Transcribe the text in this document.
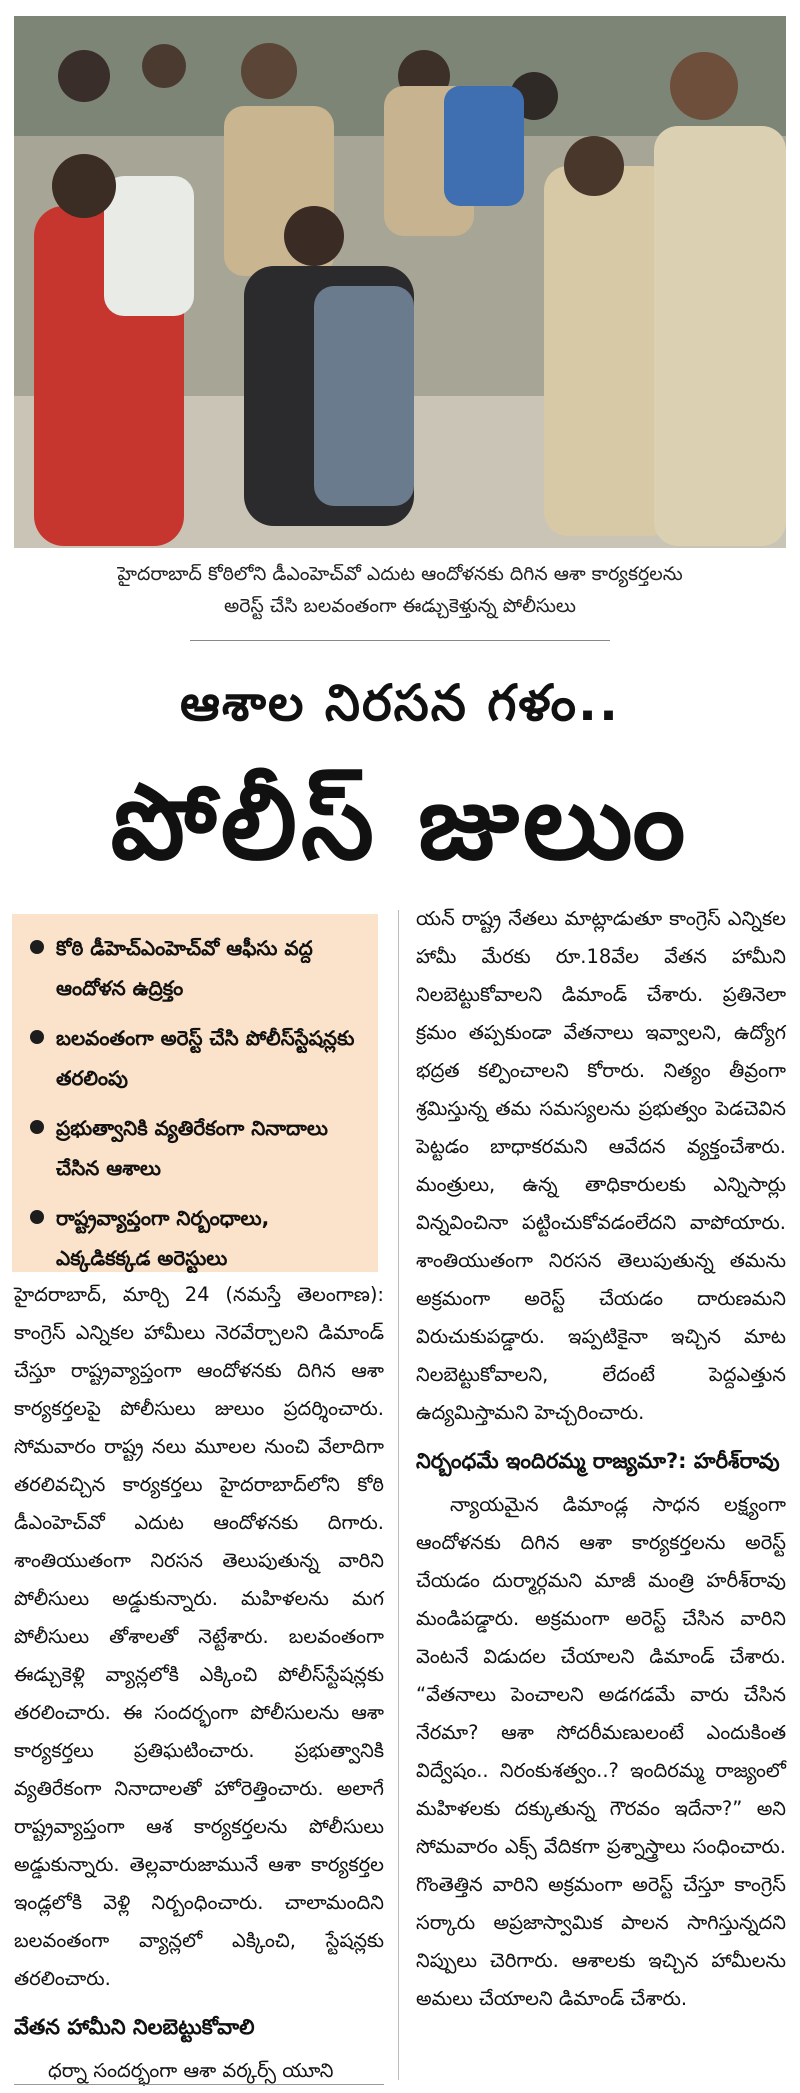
హైదరాబాద్ కోఠిలోని డీఎంహెచ్‌వో ఎదుట ఆందోళనకు దిగిన ఆశా కార్యకర్తలను
అరెస్ట్ చేసి బలవంతంగా ఈడ్చుకెళ్తున్న పోలీసులు
ఆశాల నిరసన గళం..
పోలీస్ జులుం
కోఠి డీహెచ్‌ఎంహెచ్‌వో ఆఫీసు వద్ద ఆందోళన ఉద్రిక్తం
బలవంతంగా అరెస్ట్ చేసి పోలీస్‌స్టేషన్లకు తరలింపు
ప్రభుత్వానికి వ్యతిరేకంగా నినాదాలు చేసిన ఆశాలు
రాష్ట్రవ్యాప్తంగా నిర్బంధాలు, ఎక్కడికక్కడ అరెస్టులు

హైదరాబాద్, మార్చి 24 (నమస్తే తెలంగాణ): కాంగ్రెస్ ఎన్నికల హామీలు నెరవేర్చాలని డిమాండ్ చేస్తూ రాష్ట్రవ్యాప్తంగా ఆందోళనకు దిగిన ఆశా కార్యకర్తలపై పోలీసులు జులుం ప్రదర్శించారు. సోమవారం రాష్ట్ర నలు మూలల నుంచి వేలాదిగా తరలివచ్చిన కార్యకర్తలు హైదరాబాద్‌లోని కోఠి డీఎంహెచ్‌వో ఎదుట ఆందోళనకు దిగారు. శాంతియుతంగా నిరసన తెలుపుతున్న వారిని పోలీసులు అడ్డుకున్నారు. మహిళలను మగ పోలీసులు తోశాలతో నెట్టేశారు. బలవంతంగా ఈడ్చుకెళ్లి వ్యాన్లలోకి ఎక్కించి పోలీస్‌స్టేషన్లకు తరలించారు. ఈ సందర్భంగా పోలీసులను ఆశా కార్యకర్తలు ప్రతిఘటించారు. ప్రభుత్వానికి వ్యతిరేకంగా నినాదాలతో హోరెత్తించారు. అలాగే రాష్ట్రవ్యాప్తంగా ఆశ కార్యకర్తలను పోలీసులు అడ్డుకున్నారు. తెల్లవారుజామునే ఆశా కార్యకర్తల ఇండ్లలోకి వెళ్లి నిర్బంధించారు. చాలామందిని బలవంతంగా వ్యాన్లలో ఎక్కించి, స్టేషన్లకు తరలించారు.

వేతన హామీని నిలబెట్టుకోవాలి

ధర్నా సందర్భంగా ఆశా వర్కర్స్ యూని

యన్ రాష్ట్ర నేతలు మాట్లాడుతూ కాంగ్రెస్ ఎన్నికల హామీ మేరకు రూ.18వేల వేతన హామీని నిలబెట్టుకోవాలని డిమాండ్ చేశారు. ప్రతినెలా క్రమం తప్పకుండా వేతనాలు ఇవ్వాలని, ఉద్యోగ భద్రత కల్పించాలని కోరారు. నిత్యం తీవ్రంగా శ్రమిస్తున్న తమ సమస్యలను ప్రభుత్వం పెడచెవిన పెట్టడం బాధాకరమని ఆవేదన వ్యక్తంచేశారు. మంత్రులు, ఉన్న తాధికారులకు ఎన్నిసార్లు విన్నవించినా పట్టించుకోవడంలేదని వాపోయారు. శాంతియుతంగా నిరసన తెలుపుతున్న తమను అక్రమంగా అరెస్ట్ చేయడం దారుణమని విరుచుకుపడ్డారు. ఇప్పటికైనా ఇచ్చిన మాట నిలబెట్టుకోవాలని, లేదంటే పెద్దఎత్తున ఉద్యమిస్తామని హెచ్చరించారు.

నిర్బంధమే ఇందిరమ్మ రాజ్యమా?: హరీశ్‌రావు

న్యాయమైన డిమాండ్ల సాధన లక్ష్యంగా ఆందోళనకు దిగిన ఆశా కార్యకర్తలను అరెస్ట్ చేయడం దుర్మార్గమని మాజీ మంత్రి హరీశ్‌రావు మండిపడ్డారు. అక్రమంగా అరెస్ట్ చేసిన వారిని వెంటనే విడుదల చేయాలని డిమాండ్ చేశారు. “వేతనాలు పెంచాలని అడగడమే వారు చేసిన నేరమా? ఆశా సోదరీమణులంటే ఎందుకింత విద్వేషం.. నిరంకుశత్వం..? ఇందిరమ్మ రాజ్యంలో మహిళలకు దక్కుతున్న గౌరవం ఇదేనా?” అని సోమవారం ఎక్స్ వేదికగా ప్రశ్నాస్త్రాలు సంధించారు. గొంతెత్తిన వారిని అక్రమంగా అరెస్ట్ చేస్తూ కాంగ్రెస్ సర్కారు అప్రజాస్వామిక పాలన సాగిస్తున్నదని నిప్పులు చెరిగారు. ఆశాలకు ఇచ్చిన హామీలను అమలు చేయాలని డిమాండ్ చేశారు.
